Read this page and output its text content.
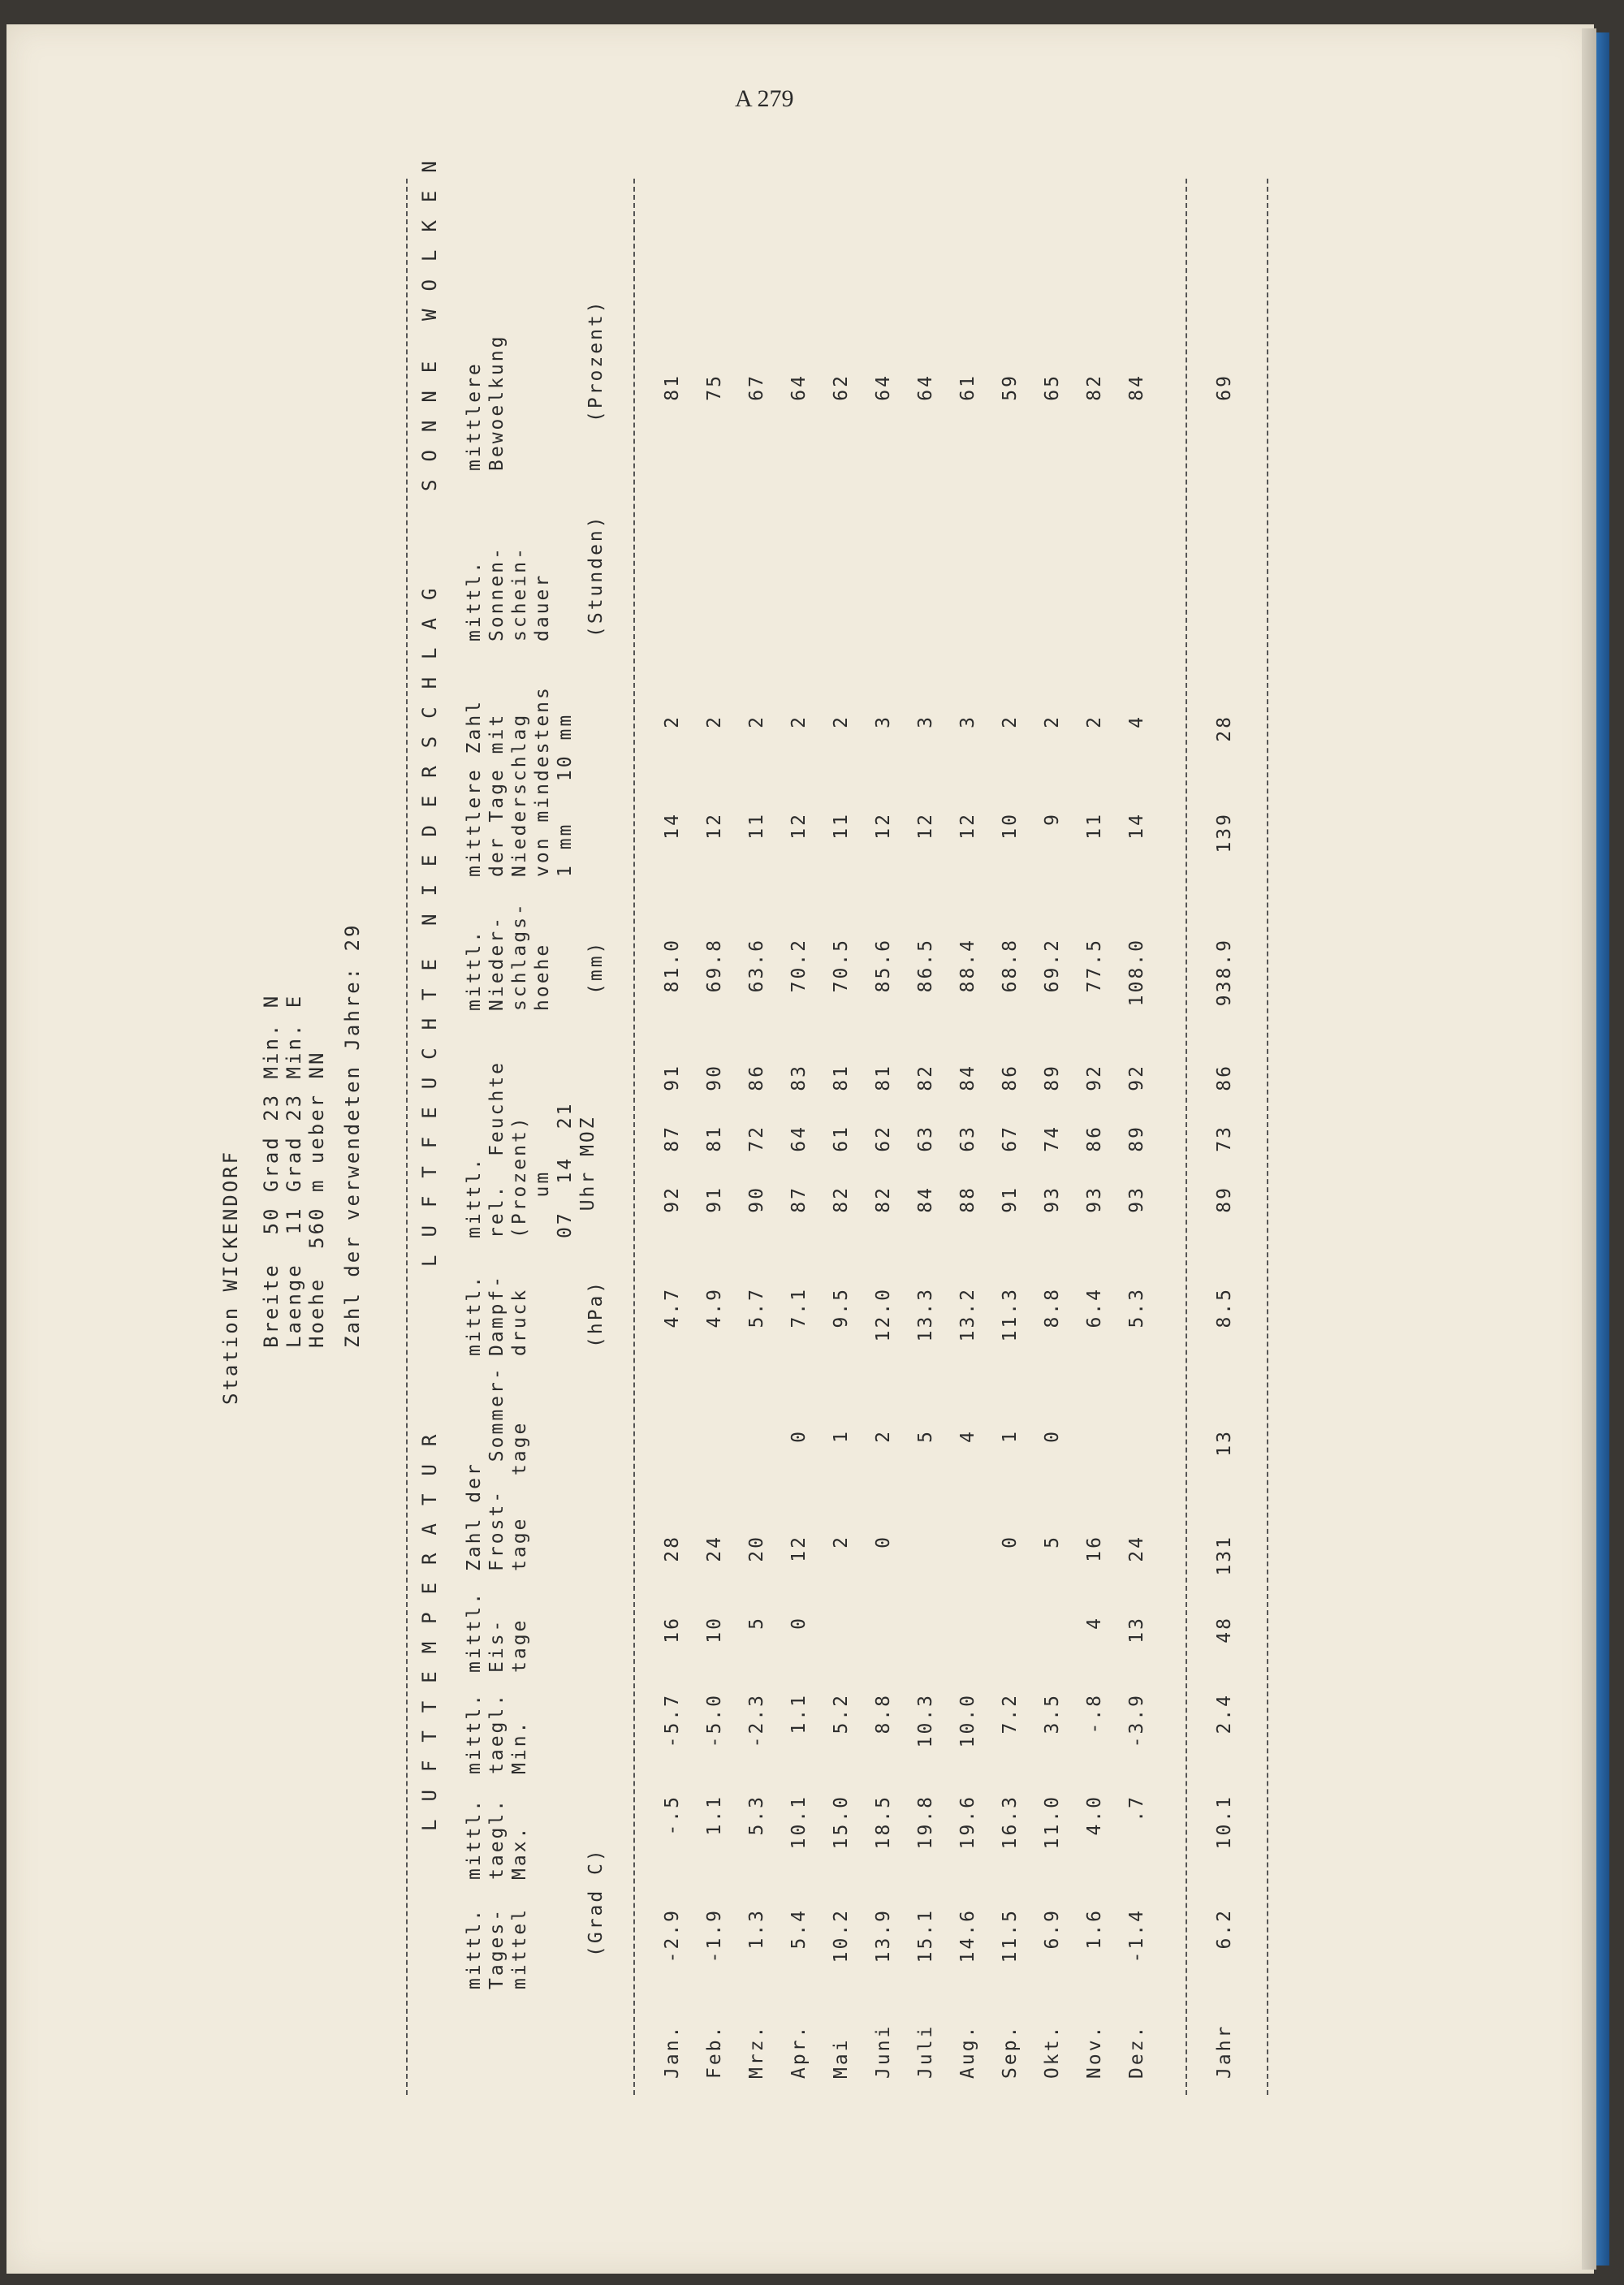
A 279
Station WICKENDORF Breite  50 Grad 23 Min. N
Laenge  11 Grad 23 Min. E
Hoehe  560 m ueber NN Zahl der verwendeten Jahre: 29
LUFTTEMPERATUR
LUFTFEUCHTE
NIEDERSCHLAG
SONNE
WOLKEN
mittl.
Tages-
mittel
mittl.
taegl.
Max.
mittl.
taegl.
Min.
mittl.
Eis-
tage
Zahl der
Frost-  Sommer-
tage   tage
mittl.
Dampf-
druck
mittl.
rel.  Feuchte
(Prozent)
um
07  14  21
Uhr MOZ
mittl.
Nieder-
schlags-
hoehe
mittlere Zahl
der Tage mit
Niederschlag
von mindestens
1 mm   10 mm
mittl.
Sonnen-
schein-
dauer
mittlere
Bewoelkung
(Grad C)
(hPa)
(mm)
(Stunden)
(Prozent)
Jan.
-2.9
-.5
-5.7
16
28
4.7
92
87
91
81.0
14
2
81
Feb.
-1.9
1.1
-5.0
10
24
4.9
91
81
90
69.8
12
2
75
Mrz.
1.3
5.3
-2.3
5
20
5.7
90
72
86
63.6
11
2
67
Apr.
5.4
10.1
1.1
0
12
0
7.1
87
64
83
70.2
12
2
64
Mai
10.2
15.0
5.2
2
1
9.5
82
61
81
70.5
11
2
62
Juni
13.9
18.5
8.8
0
2
12.0
82
62
81
85.6
12
3
64
Juli
15.1
19.8
10.3
5
13.3
84
63
82
86.5
12
3
64
Aug.
14.6
19.6
10.0
4
13.2
88
63
84
88.4
12
3
61
Sep.
11.5
16.3
7.2
0
1
11.3
91
67
86
68.8
10
2
59
Okt.
6.9
11.0
3.5
5
0
8.8
93
74
89
69.2
9
2
65
Nov.
1.6
4.0
-.8
4
16
6.4
93
86
92
77.5
11
2
82
Dez.
-1.4
.7
-3.9
13
24
5.3
93
89
92
108.0
14
4
84
Jahr
6.2
10.1
2.4
48
131
13
8.5
89
73
86
938.9
139
28
69
